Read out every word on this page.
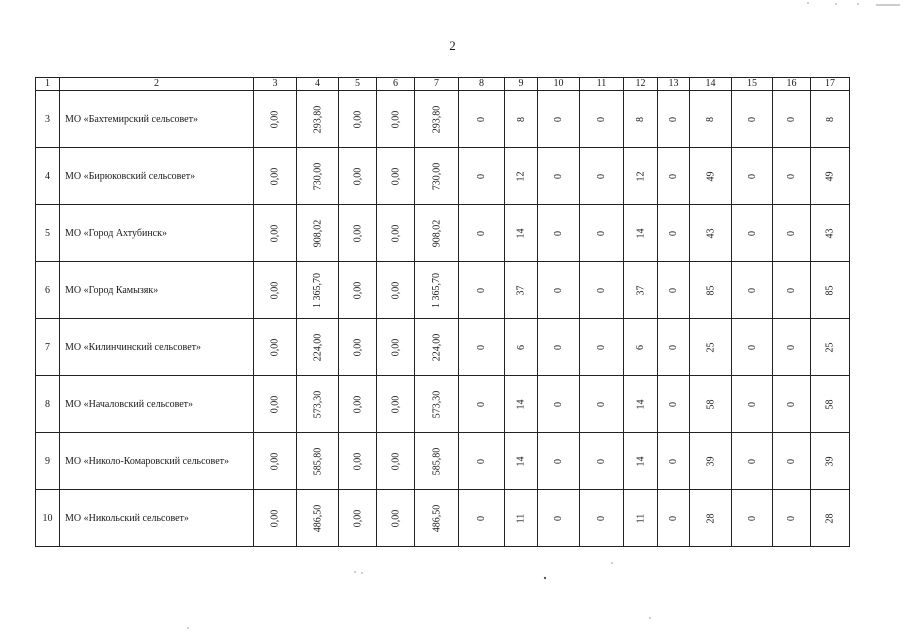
2
1	2	3	4	5	6	7	8	9	10	11	12	13	14	15	16	17
3	МО «Бахтемирский сельсовет»	0,00	293,80	0,00	0,00	293,80	0	8	0	0	8	0	8	0	0	8
4	МО «Бирюковский сельсовет»	0,00	730,00	0,00	0,00	730,00	0	12	0	0	12	0	49	0	0	49
5	МО «Город Ахтубинск»	0,00	908,02	0,00	0,00	908,02	0	14	0	0	14	0	43	0	0	43
6	МО «Город Камызяк»	0,00	1 365,70	0,00	0,00	1 365,70	0	37	0	0	37	0	85	0	0	85
7	МО «Килинчинский сельсовет»	0,00	224,00	0,00	0,00	224,00	0	6	0	0	6	0	25	0	0	25
8	МО «Началовский сельсовет»	0,00	573,30	0,00	0,00	573,30	0	14	0	0	14	0	58	0	0	58
9	МО «Николо-Комаровский сельсовет»	0,00	585,80	0,00	0,00	585,80	0	14	0	0	14	0	39	0	0	39
10	МО «Никольский сельсовет»	0,00	486,50	0,00	0,00	486,50	0	11	0	0	11	0	28	0	0	28
